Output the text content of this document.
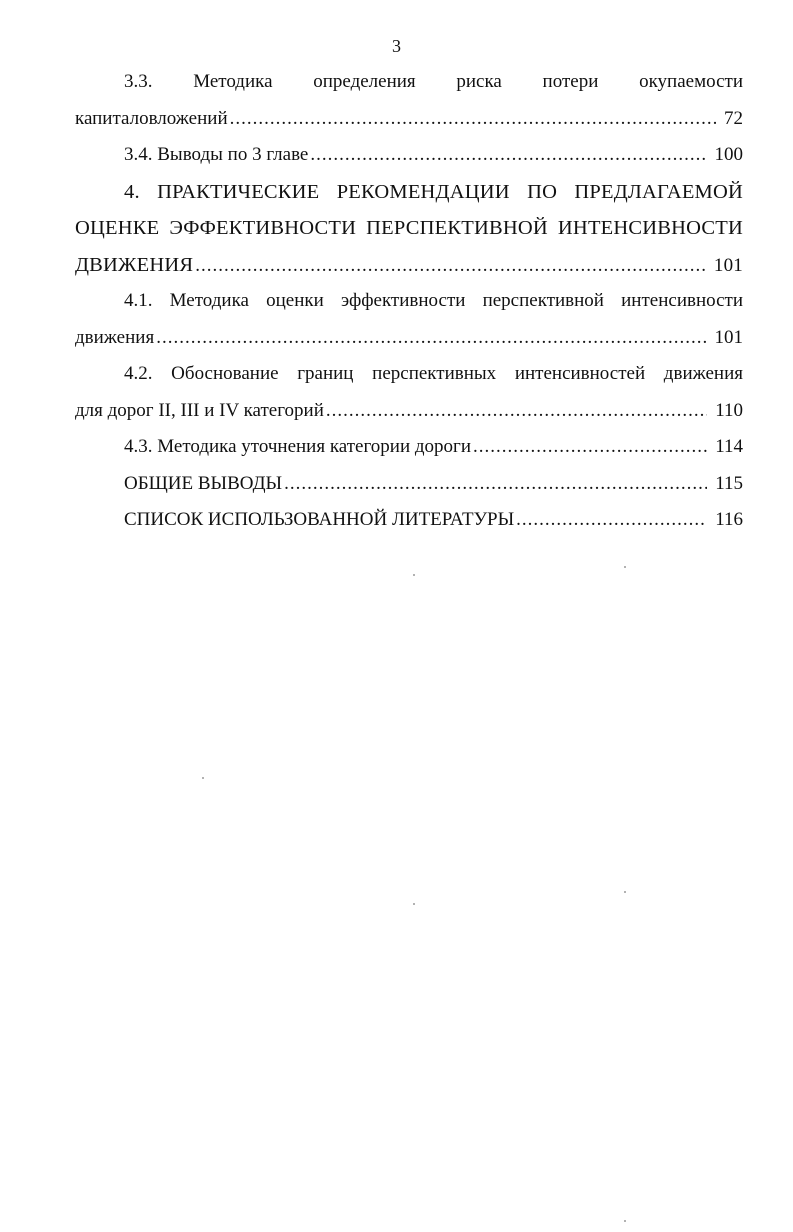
3
3.3. Методика определения риска потери окупаемости
капиталовложений .....	72
3.4. Выводы по 3 главе .....	100
4. ПРАКТИЧЕСКИЕ РЕКОМЕНДАЦИИ ПО ПРЕДЛАГАЕМОЙ
ОЦЕНКЕ ЭФФЕКТИВНОСТИ ПЕРСПЕКТИВНОЙ ИНТЕНСИВНОСТИ
ДВИЖЕНИЯ .....	101
4.1. Методика оценки эффективности перспективной интенсивности
движения .....	101
4.2. Обоснование границ перспективных интенсивностей движения
для дорог II, III и IV категорий .....	110
4.3. Методика уточнения категории дороги .....	114
ОБЩИЕ ВЫВОДЫ .....	115
СПИСОК ИСПОЛЬЗОВАННОЙ ЛИТЕРАТУРЫ .....	116
